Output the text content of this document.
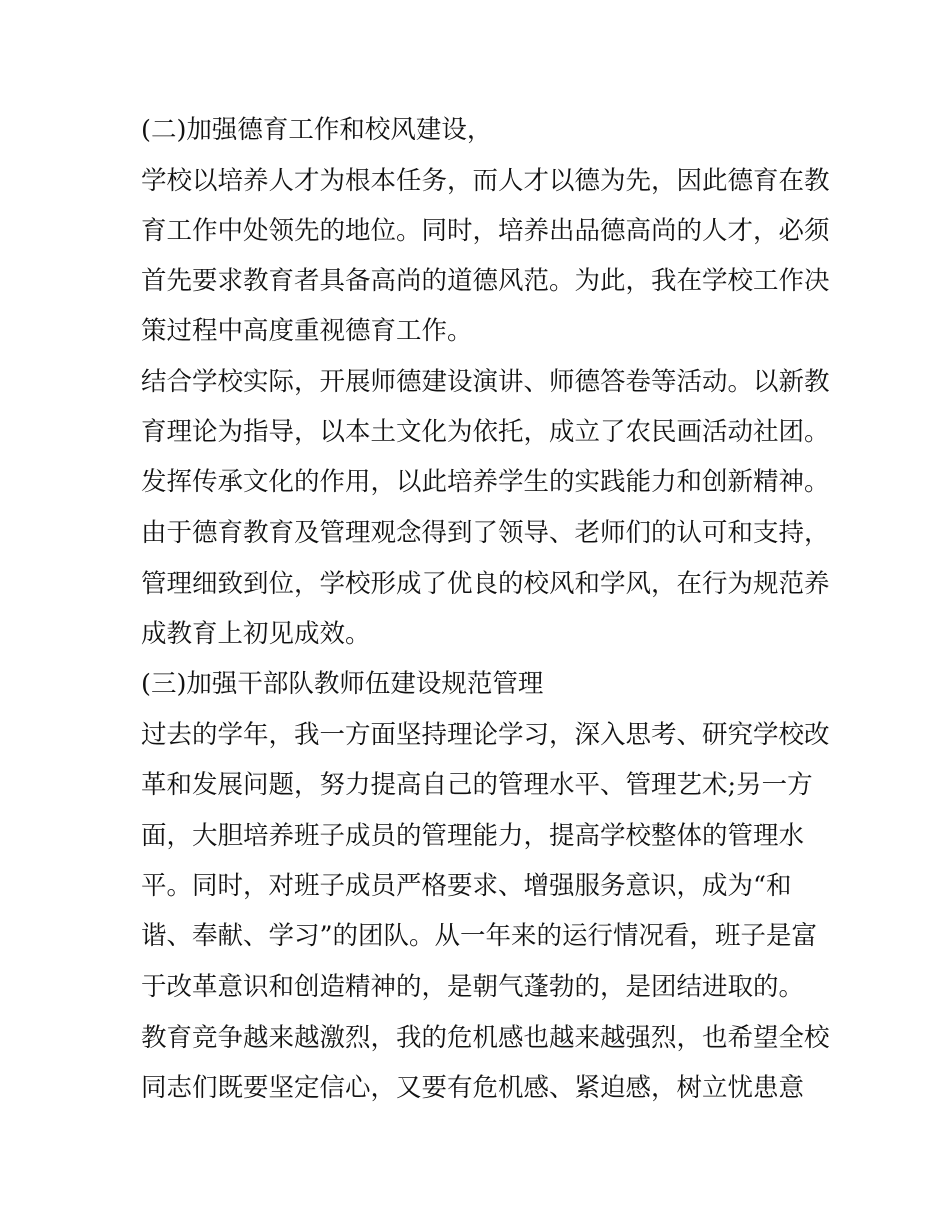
(二)加强德育工作和校风建设，
学校以培养人才为根本任务，而人才以德为先，因此德育在教
育工作中处领先的地位。同时，培养出品德高尚的人才，必须
首先要求教育者具备高尚的道德风范。为此，我在学校工作决
策过程中高度重视德育工作。
结合学校实际，开展师德建设演讲、师德答卷等活动。以新教
育理论为指导，以本土文化为依托，成立了农民画活动社团。
发挥传承文化的作用，以此培养学生的实践能力和创新精神。
由于德育教育及管理观念得到了领导、老师们的认可和支持，
管理细致到位，学校形成了优良的校风和学风，在行为规范养
成教育上初见成效。
(三)加强干部队教师伍建设规范管理
过去的学年，我一方面坚持理论学习，深入思考、研究学校改
革和发展问题，努力提高自己的管理水平、管理艺术;另一方
面，大胆培养班子成员的管理能力，提高学校整体的管理水
平。同时，对班子成员严格要求、增强服务意识，成为“和
谐、奉献、学习”的团队。从一年来的运行情况看，班子是富
于改革意识和创造精神的，是朝气蓬勃的，是团结进取的。
教育竞争越来越激烈，我的危机感也越来越强烈，也希望全校
同志们既要坚定信心，又要有危机感、紧迫感，树立忧患意
